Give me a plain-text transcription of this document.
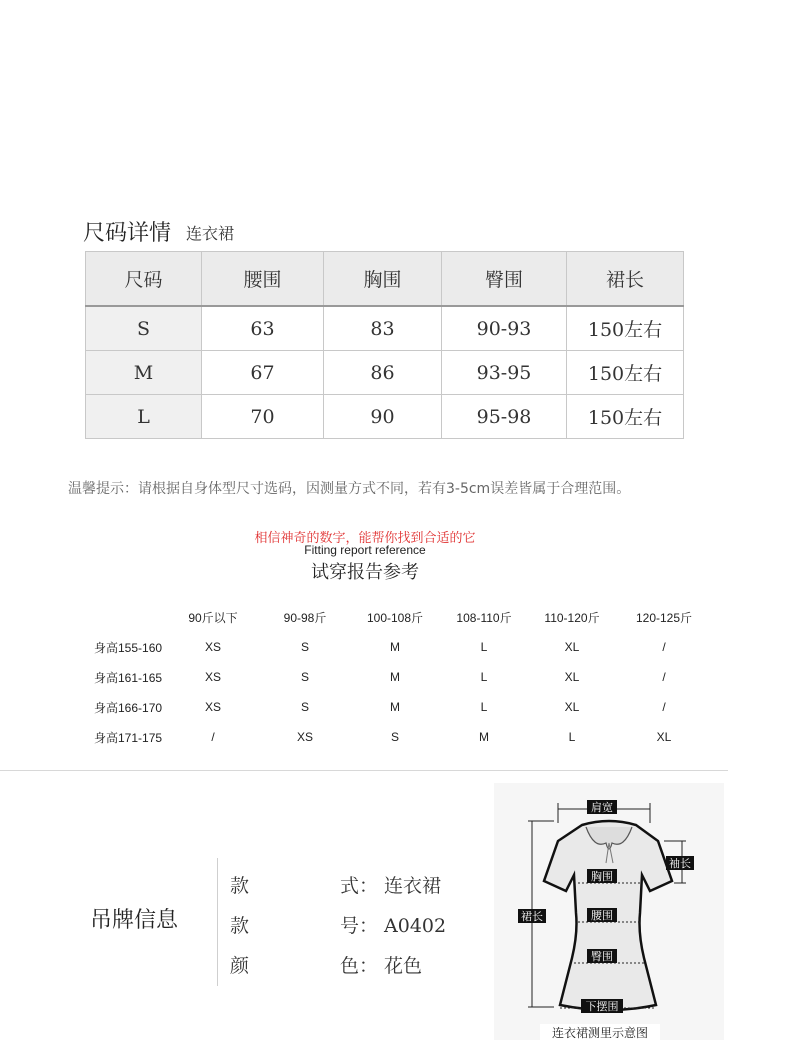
尺码详情 连衣裙
尺码	腰围	胸围	臀围	裙长
S	63	83	90-93	150左右
M	67	86	93-95	150左右
L	70	90	95-98	150左右
温馨提示：请根据自身体型尺寸选码，因测量方式不同，若有3-5cm误差皆属于合理范围。
相信神奇的数字，能帮你找到合适的它
Fitting report reference
试穿报告参考
	90斤以下	90-98斤	100-108斤	108-110斤	110-120斤	120-125斤
身高155-160	XS	S	M	L	XL	/
身高161-165	XS	S	M	L	XL	/
身高166-170	XS	S	M	L	XL	/
身高171-175	/	XS	S	M	L	XL
吊牌信息
款	式： 连衣裙
款	号： A0402
颜	色： 花色
肩宽
袖长
胸围
裙长	腰围
臀围
下摆围
连衣裙测里示意图
